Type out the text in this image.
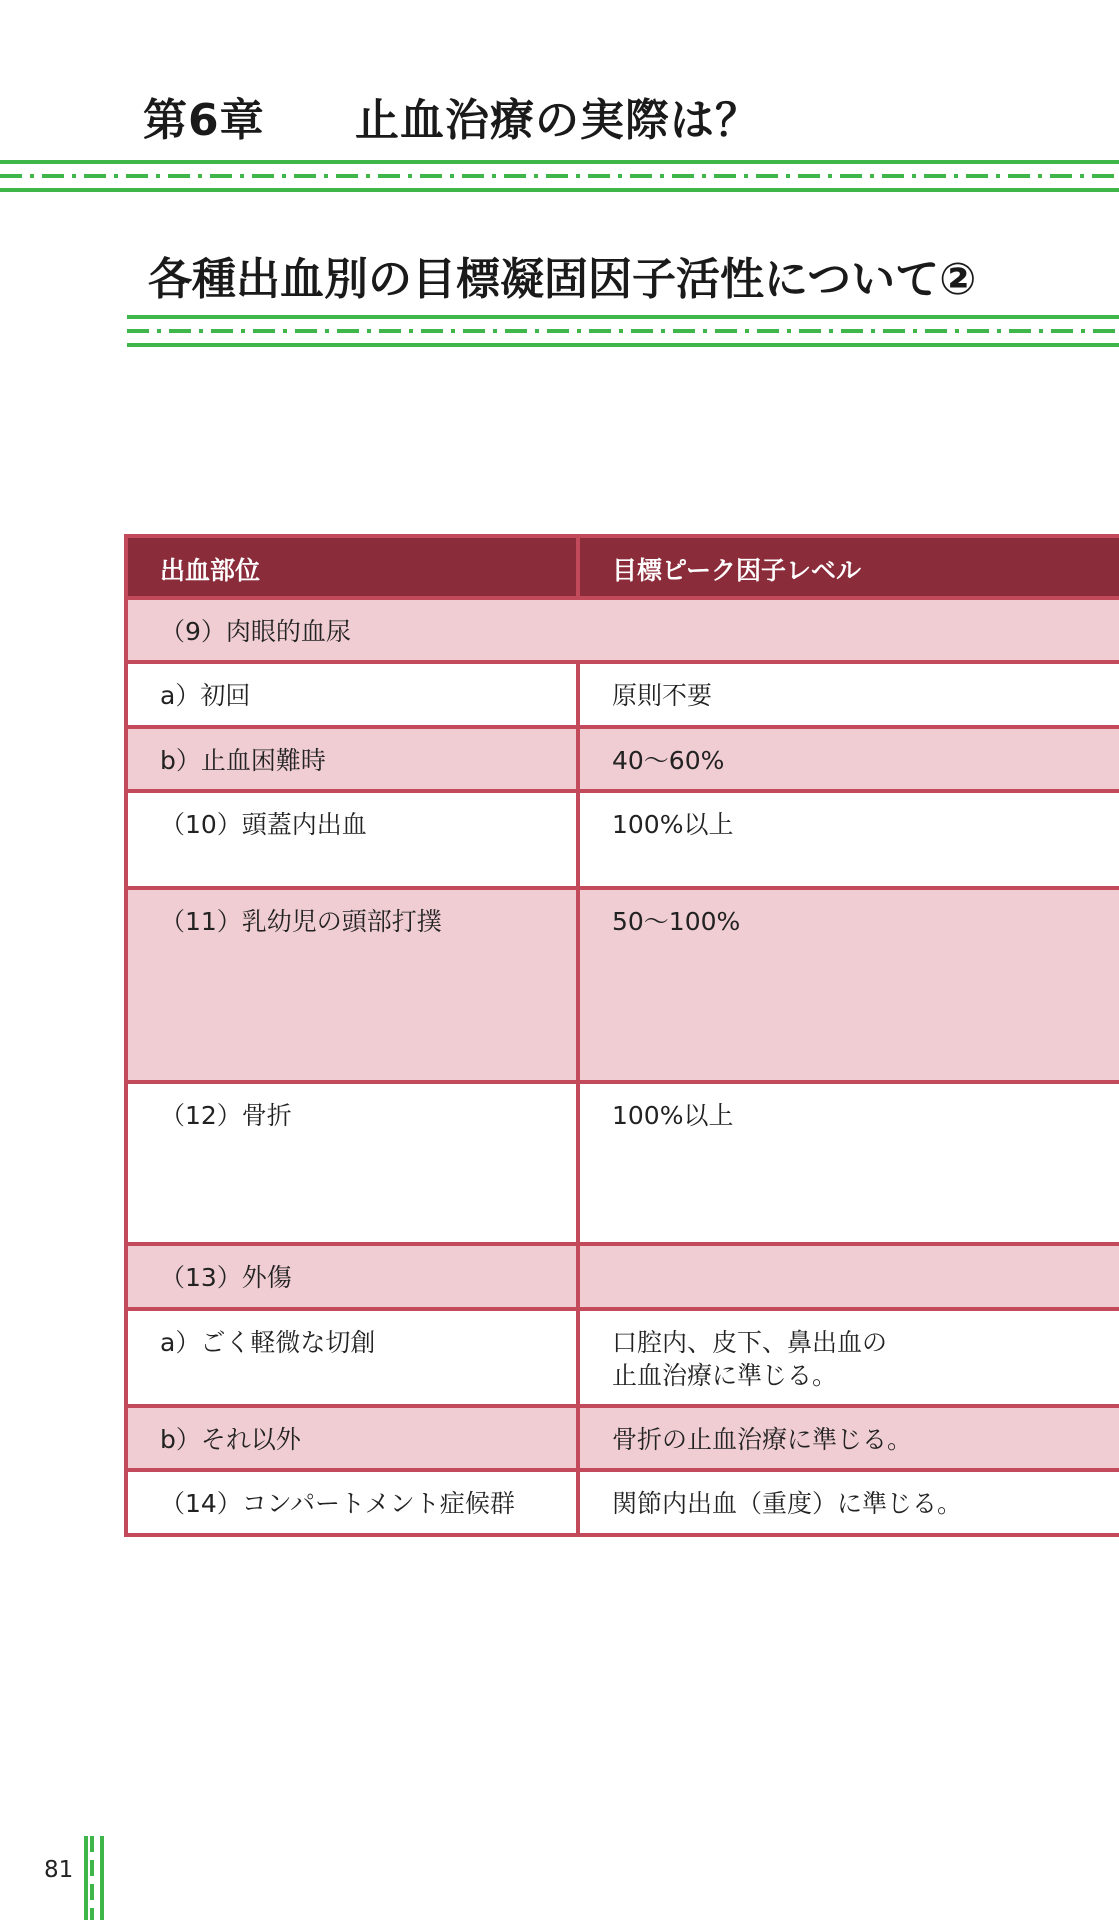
第6章 止血治療の実際は？
各種出血別の目標凝固因子活性について②
出血部位	目標ピーク因子レベル
（9）肉眼的血尿
a）初回	原則不要
b）止血困難時	40〜60%
（10）頭蓋内出血	100%以上
（11）乳幼児の頭部打撲	50〜100%
（12）骨折	100%以上
（13）外傷
a）ごく軽微な切創	口腔内、皮下、鼻出血の
止血治療に準じる。
b）それ以外	骨折の止血治療に準じる。
（14）コンパートメント症候群	関節内出血（重度）に準じる。
81
